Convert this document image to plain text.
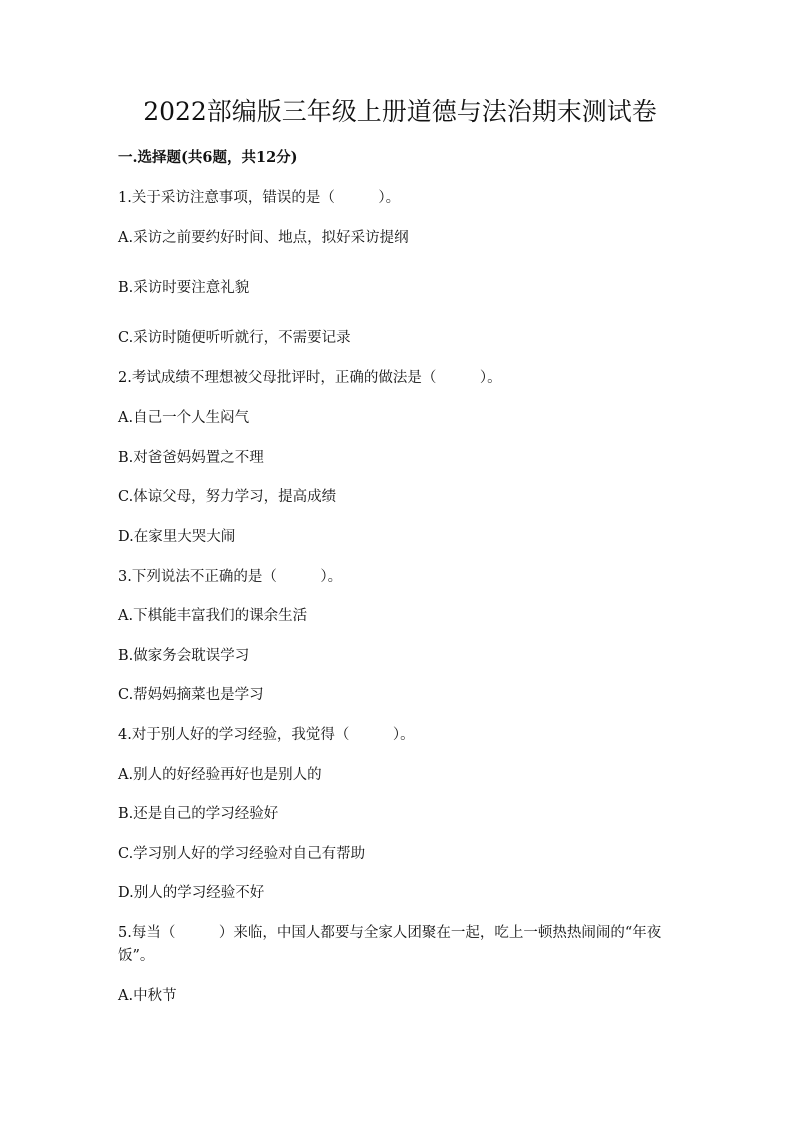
2022部编版三年级上册道德与法治期末测试卷
一.选择题(共6题，共12分)
1.关于采访注意事项，错误的是（　　　）。
A.采访之前要约好时间、地点，拟好采访提纲
B.采访时要注意礼貌
C.采访时随便听听就行，不需要记录
2.考试成绩不理想被父母批评时，正确的做法是（　　　）。
A.自己一个人生闷气
B.对爸爸妈妈置之不理
C.体谅父母，努力学习，提高成绩
D.在家里大哭大闹
3.下列说法不正确的是（　　　）。
A.下棋能丰富我们的课余生活
B.做家务会耽误学习
C.帮妈妈摘菜也是学习
4.对于别人好的学习经验，我觉得（　　　）。
A.别人的好经验再好也是别人的
B.还是自己的学习经验好
C.学习别人好的学习经验对自己有帮助
D.别人的学习经验不好
5.每当（　　　）来临，中国人都要与全家人团聚在一起，吃上一顿热热闹闹的“年夜饭”。
A.中秋节
